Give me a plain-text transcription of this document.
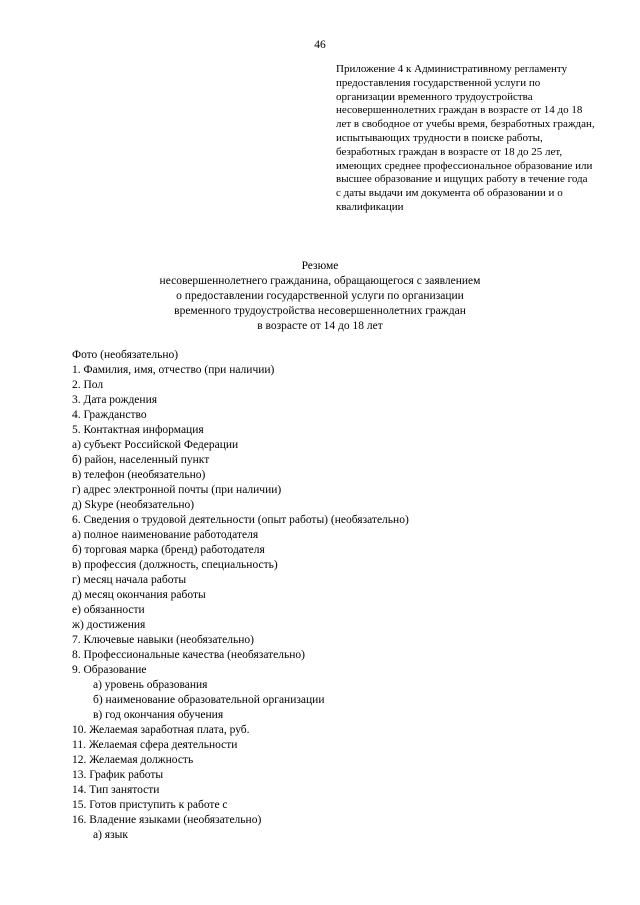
46
Приложение 4 к Административному регламенту
предоставления государственной услуги по
организации временного трудоустройства
несовершеннолетних граждан в возрасте от 14 до 18
лет в свободное от учебы время, безработных граждан,
испытывающих трудности в поиске работы,
безработных граждан в возрасте от 18 до 25 лет,
имеющих среднее профессиональное образование или
высшее образование и ищущих работу в течение года
с даты выдачи им документа об образовании и о
квалификации
Резюме
несовершеннолетнего гражданина, обращающегося с заявлением
о предоставлении государственной услуги по организации
временного трудоустройства несовершеннолетних граждан
в возрасте от 14 до 18 лет
Фото (необязательно)
1. Фамилия, имя, отчество (при наличии)
2. Пол
3. Дата рождения
4. Гражданство
5. Контактная информация
а) субъект Российской Федерации
б) район, населенный пункт
в) телефон (необязательно)
г) адрес электронной почты (при наличии)
д) Skype (необязательно)
6. Сведения о трудовой деятельности (опыт работы) (необязательно)
а) полное наименование работодателя
б) торговая марка (бренд) работодателя
в) профессия (должность, специальность)
г) месяц начала работы
д) месяц окончания работы
е) обязанности
ж) достижения
7. Ключевые навыки (необязательно)
8. Профессиональные качества (необязательно)
9. Образование
а) уровень образования
б) наименование образовательной организации
в) год окончания обучения
10. Желаемая заработная плата, руб.
11. Желаемая сфера деятельности
12. Желаемая должность
13. График работы
14. Тип занятости
15. Готов приступить к работе с
16. Владение языками (необязательно)
а) язык
